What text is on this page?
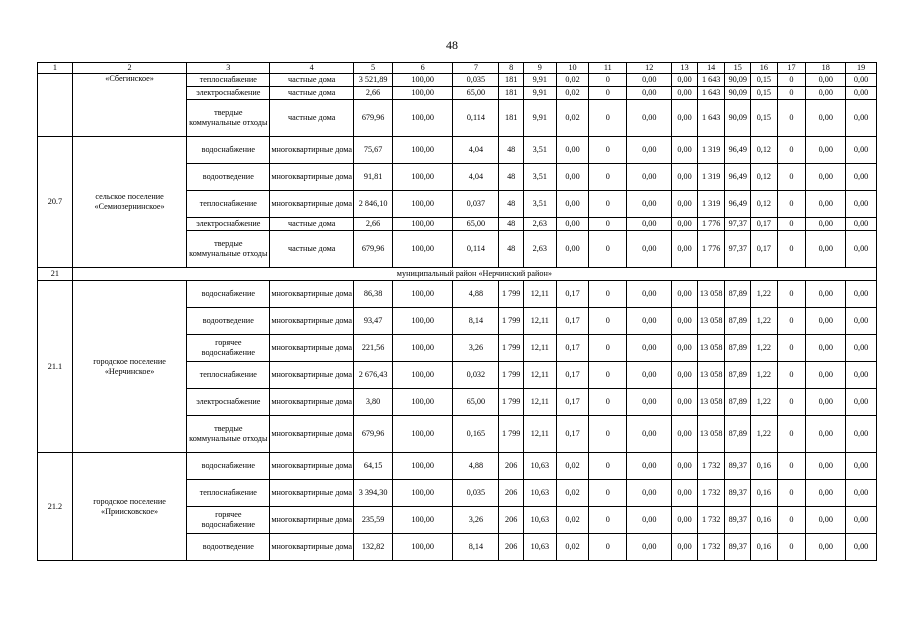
48
1	2	3	4	5	6	7	8	9	10	11	12	13	14	15	16	17	18	19
	«Сбегинское»	теплоснабжение	частные дома	3 521,89	100,00	0,035	181	9,91	0,02	0	0,00	0,00	1 643	90,09	0,15	0	0,00	0,00
		электроснабжение	частные дома	2,66	100,00	65,00	181	9,91	0,02	0	0,00	0,00	1 643	90,09	0,15	0	0,00	0,00
		твердые коммунальные отходы	частные дома	679,96	100,00	0,114	181	9,91	0,02	0	0,00	0,00	1 643	90,09	0,15	0	0,00	0,00
20.7	сельское поселение «Семиозернинское»	водоснабжение	многоквартирные дома	75,67	100,00	4,04	48	3,51	0,00	0	0,00	0,00	1 319	96,49	0,12	0	0,00	0,00
		водоотведение	многоквартирные дома	91,81	100,00	4,04	48	3,51	0,00	0	0,00	0,00	1 319	96,49	0,12	0	0,00	0,00
		теплоснабжение	многоквартирные дома	2 846,10	100,00	0,037	48	3,51	0,00	0	0,00	0,00	1 319	96,49	0,12	0	0,00	0,00
		электроснабжение	частные дома	2,66	100,00	65,00	48	2,63	0,00	0	0,00	0,00	1 776	97,37	0,17	0	0,00	0,00
		твердые коммунальные отходы	частные дома	679,96	100,00	0,114	48	2,63	0,00	0	0,00	0,00	1 776	97,37	0,17	0	0,00	0,00
21	муниципальный район «Нерчинский район»																	
21.1	городское поселение «Нерчинское»	водоснабжение	многоквартирные дома	86,38	100,00	4,88	1 799	12,11	0,17	0	0,00	0,00	13 058	87,89	1,22	0	0,00	0,00
		водоотведение	многоквартирные дома	93,47	100,00	8,14	1 799	12,11	0,17	0	0,00	0,00	13 058	87,89	1,22	0	0,00	0,00
		горячее водоснабжение	многоквартирные дома	221,56	100,00	3,26	1 799	12,11	0,17	0	0,00	0,00	13 058	87,89	1,22	0	0,00	0,00
		теплоснабжение	многоквартирные дома	2 676,43	100,00	0,032	1 799	12,11	0,17	0	0,00	0,00	13 058	87,89	1,22	0	0,00	0,00
		электроснабжение	многоквартирные дома	3,80	100,00	65,00	1 799	12,11	0,17	0	0,00	0,00	13 058	87,89	1,22	0	0,00	0,00
		твердые коммунальные отходы	многоквартирные дома	679,96	100,00	0,165	1 799	12,11	0,17	0	0,00	0,00	13 058	87,89	1,22	0	0,00	0,00
21.2	городское поселение «Приисковское»	водоснабжение	многоквартирные дома	64,15	100,00	4,88	206	10,63	0,02	0	0,00	0,00	1 732	89,37	0,16	0	0,00	0,00
		теплоснабжение	многоквартирные дома	3 394,30	100,00	0,035	206	10,63	0,02	0	0,00	0,00	1 732	89,37	0,16	0	0,00	0,00
		горячее водоснабжение	многоквартирные дома	235,59	100,00	3,26	206	10,63	0,02	0	0,00	0,00	1 732	89,37	0,16	0	0,00	0,00
		водоотведение	многоквартирные дома	132,82	100,00	8,14	206	10,63	0,02	0	0,00	0,00	1 732	89,37	0,16	0	0,00	0,00
